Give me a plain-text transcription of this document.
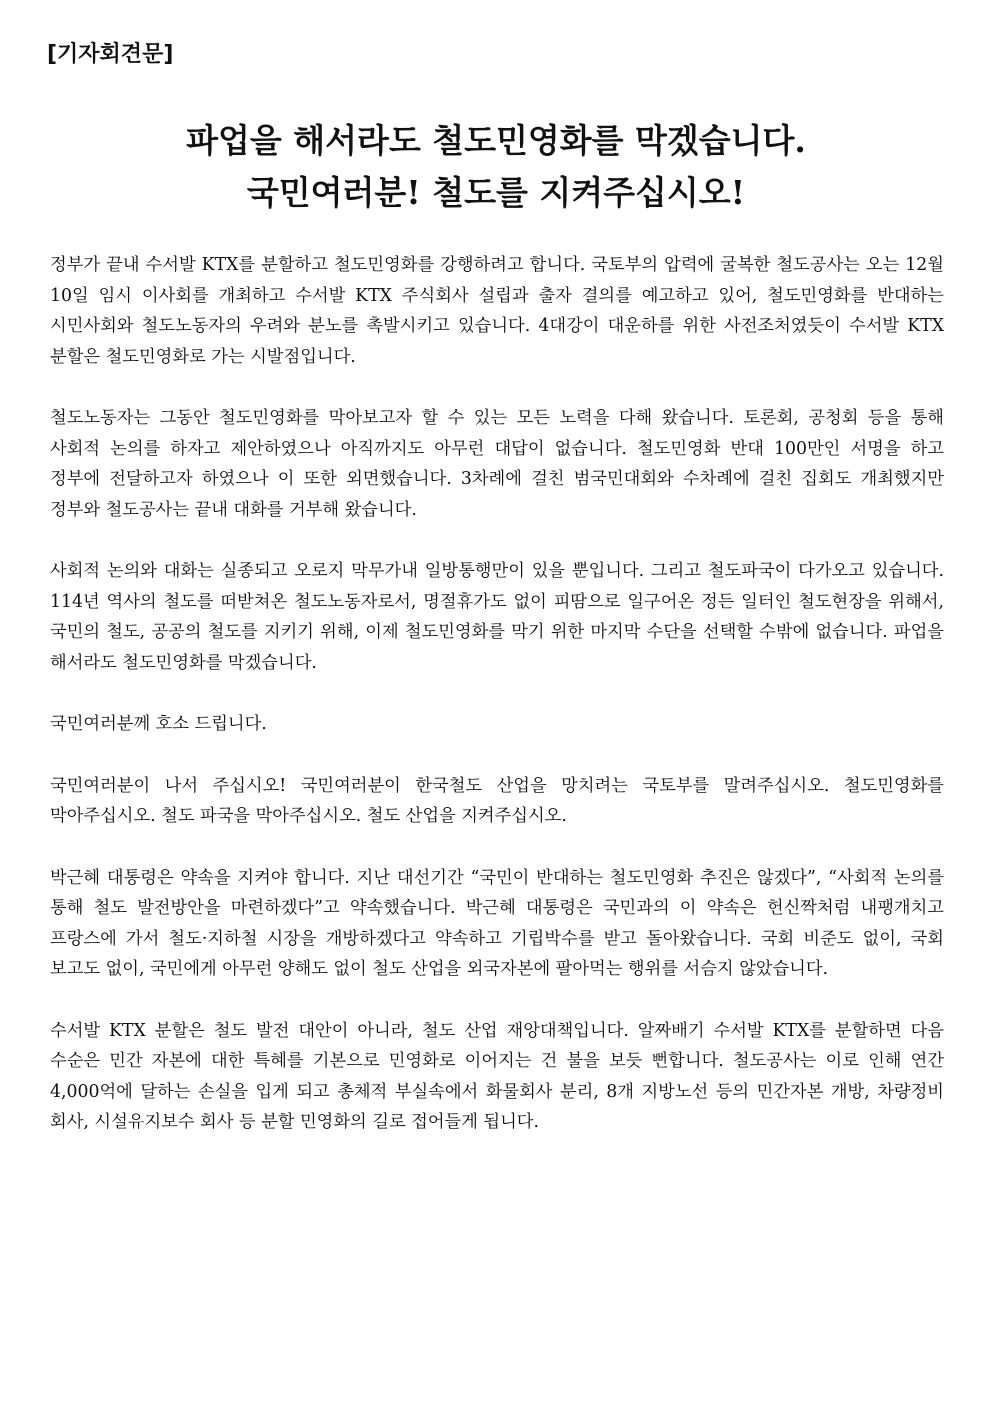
[기자회견문]
파업을 해서라도 철도민영화를 막겠습니다.
국민여러분! 철도를 지켜주십시오!

정부가 끝내 수서발 KTX를 분할하고 철도민영화를 강행하려고 합니다. 국토부의 압력에 굴복한 철도공사는 오는 12월 10일 임시 이사회를 개최하고 수서발 KTX 주식회사 설립과 출자 결의를 예고하고 있어, 철도민영화를 반대하는 시민사회와 철도노동자의 우려와 분노를 촉발시키고 있습니다. 4대강이 대운하를 위한 사전조처였듯이 수서발 KTX 분할은 철도민영화로 가는 시발점입니다.

철도노동자는 그동안 철도민영화를 막아보고자 할 수 있는 모든 노력을 다해 왔습니다. 토론회, 공청회 등을 통해 사회적 논의를 하자고 제안하였으나 아직까지도 아무런 대답이 없습니다. 철도민영화 반대 100만인 서명을 하고 정부에 전달하고자 하였으나 이 또한 외면했습니다. 3차례에 걸친 범국민대회와 수차례에 걸친 집회도 개최했지만 정부와 철도공사는 끝내 대화를 거부해 왔습니다.

사회적 논의와 대화는 실종되고 오로지 막무가내 일방통행만이 있을 뿐입니다. 그리고 철도파국이 다가오고 있습니다. 114년 역사의 철도를 떠받쳐온 철도노동자로서, 명절휴가도 없이 피땀으로 일구어온 정든 일터인 철도현장을 위해서, 국민의 철도, 공공의 철도를 지키기 위해, 이제 철도민영화를 막기 위한 마지막 수단을 선택할 수밖에 없습니다. 파업을 해서라도 철도민영화를 막겠습니다.

국민여러분께 호소 드립니다.

국민여러분이 나서 주십시오! 국민여러분이 한국철도 산업을 망치려는 국토부를 말려주십시오. 철도민영화를 막아주십시오. 철도 파국을 막아주십시오. 철도 산업을 지켜주십시오.

박근혜 대통령은 약속을 지켜야 합니다. 지난 대선기간 “국민이 반대하는 철도민영화 추진은 않겠다”, “사회적 논의를 통해 철도 발전방안을 마련하겠다”고 약속했습니다. 박근혜 대통령은 국민과의 이 약속은 헌신짝처럼 내팽개치고 프랑스에 가서 철도·지하철 시장을 개방하겠다고 약속하고 기립박수를 받고 돌아왔습니다. 국회 비준도 없이, 국회 보고도 없이, 국민에게 아무런 양해도 없이 철도 산업을 외국자본에 팔아먹는 행위를 서슴지 않았습니다.

수서발 KTX 분할은 철도 발전 대안이 아니라, 철도 산업 재앙대책입니다. 알짜배기 수서발 KTX를 분할하면 다음 수순은 민간 자본에 대한 특혜를 기본으로 민영화로 이어지는 건 불을 보듯 뻔합니다. 철도공사는 이로 인해 연간 4,000억에 달하는 손실을 입게 되고 총체적 부실속에서 화물회사 분리, 8개 지방노선 등의 민간자본 개방, 차량정비 회사, 시설유지보수 회사 등 분할 민영화의 길로 접어들게 됩니다.
